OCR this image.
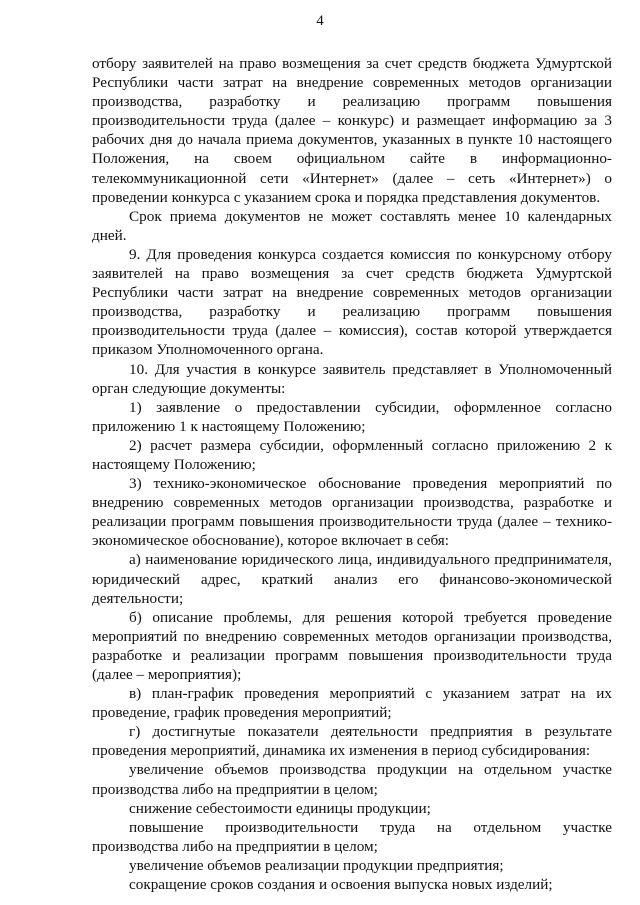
4

отбору заявителей на право возмещения за счет средств бюджета Удмуртской Республики части затрат на внедрение современных методов организации производства, разработку и реализацию программ повышения производительности труда (далее – конкурс) и размещает информацию за 3 рабочих дня до начала приема документов, указанных в пункте 10 настоящего Положения, на своем официальном сайте в информационно-телекоммуникационной сети «Интернет» (далее – сеть «Интернет») о проведении конкурса с указанием срока и порядка представления документов.

Срок приема документов не может составлять менее 10 календарных дней.

9. Для проведения конкурса создается комиссия по конкурсному отбору заявителей на право возмещения за счет средств бюджета Удмуртской Республики части затрат на внедрение современных методов организации производства, разработку и реализацию программ повышения производительности труда (далее – комиссия), состав которой утверждается приказом Уполномоченного органа.

10. Для участия в конкурсе заявитель представляет в Уполномоченный орган следующие документы:

1) заявление о предоставлении субсидии, оформленное согласно приложению 1 к настоящему Положению;

2) расчет размера субсидии, оформленный согласно приложению 2 к настоящему Положению;

3) технико-экономическое обоснование проведения мероприятий по внедрению современных методов организации производства, разработке и реализации программ повышения производительности труда (далее – технико-экономическое обоснование), которое включает в себя:

а) наименование юридического лица, индивидуального предпринимателя, юридический адрес, краткий анализ его финансово-экономической деятельности;

б) описание проблемы, для решения которой требуется проведение мероприятий по внедрению современных методов организации производства, разработке и реализации программ повышения производительности труда (далее – мероприятия);

в) план-график проведения мероприятий с указанием затрат на их проведение, график проведения мероприятий;

г) достигнутые показатели деятельности предприятия в результате проведения мероприятий, динамика их изменения в период субсидирования:

увеличение объемов производства продукции на отдельном участке производства либо на предприятии в целом;

снижение себестоимости единицы продукции;

повышение производительности труда на отдельном участке производства либо на предприятии в целом;

увеличение объемов реализации продукции предприятия;

сокращение сроков создания и освоения выпуска новых изделий;
